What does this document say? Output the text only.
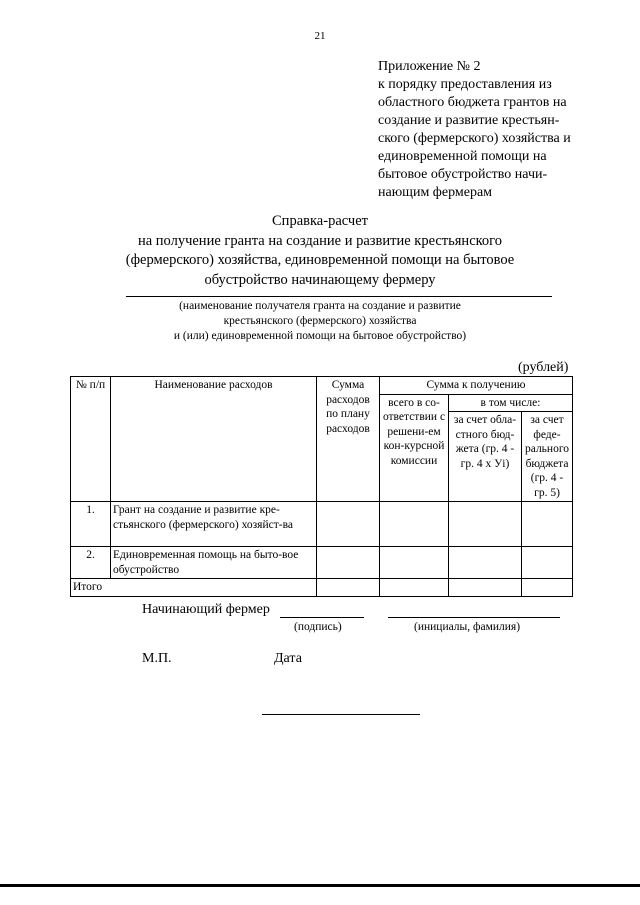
21
Приложение № 2
к порядку предоставления из
областного бюджета грантов на
создание и развитие крестьян-
ского (фермерского) хозяйства и
единовременной помощи на
бытовое обустройство начи-
нающим фермерам
Справка-расчет
на получение гранта на создание и развитие крестьянского
(фермерского) хозяйства, единовременной помощи на бытовое
обустройство начинающему фермеру
(наименование получателя гранта на создание и развитие
крестьянского (фермерского) хозяйства
и (или) единовременной помощи на бытовое обустройство)
(рублей)
№ п/п	Наименование расходов	Сумма расходов по плану расходов	Сумма к получению		
			всего в со-ответствии с решени-ем кон-курсной комиссии	в том числе:	
				за счет обла-стного бюд-жета (гр. 4 - гр. 4 х Уi)	за счет феде-рального бюджета (гр. 4 - гр. 5)
1.	Грант на создание и развитие кре-стьянского (фермерского) хозяйст-ва				
2.	Единовременная помощь на быто-вое обустройство				
Итого					
Начинающий фермер
(подпись)	(инициалы, фамилия)
М.П.	Дата
